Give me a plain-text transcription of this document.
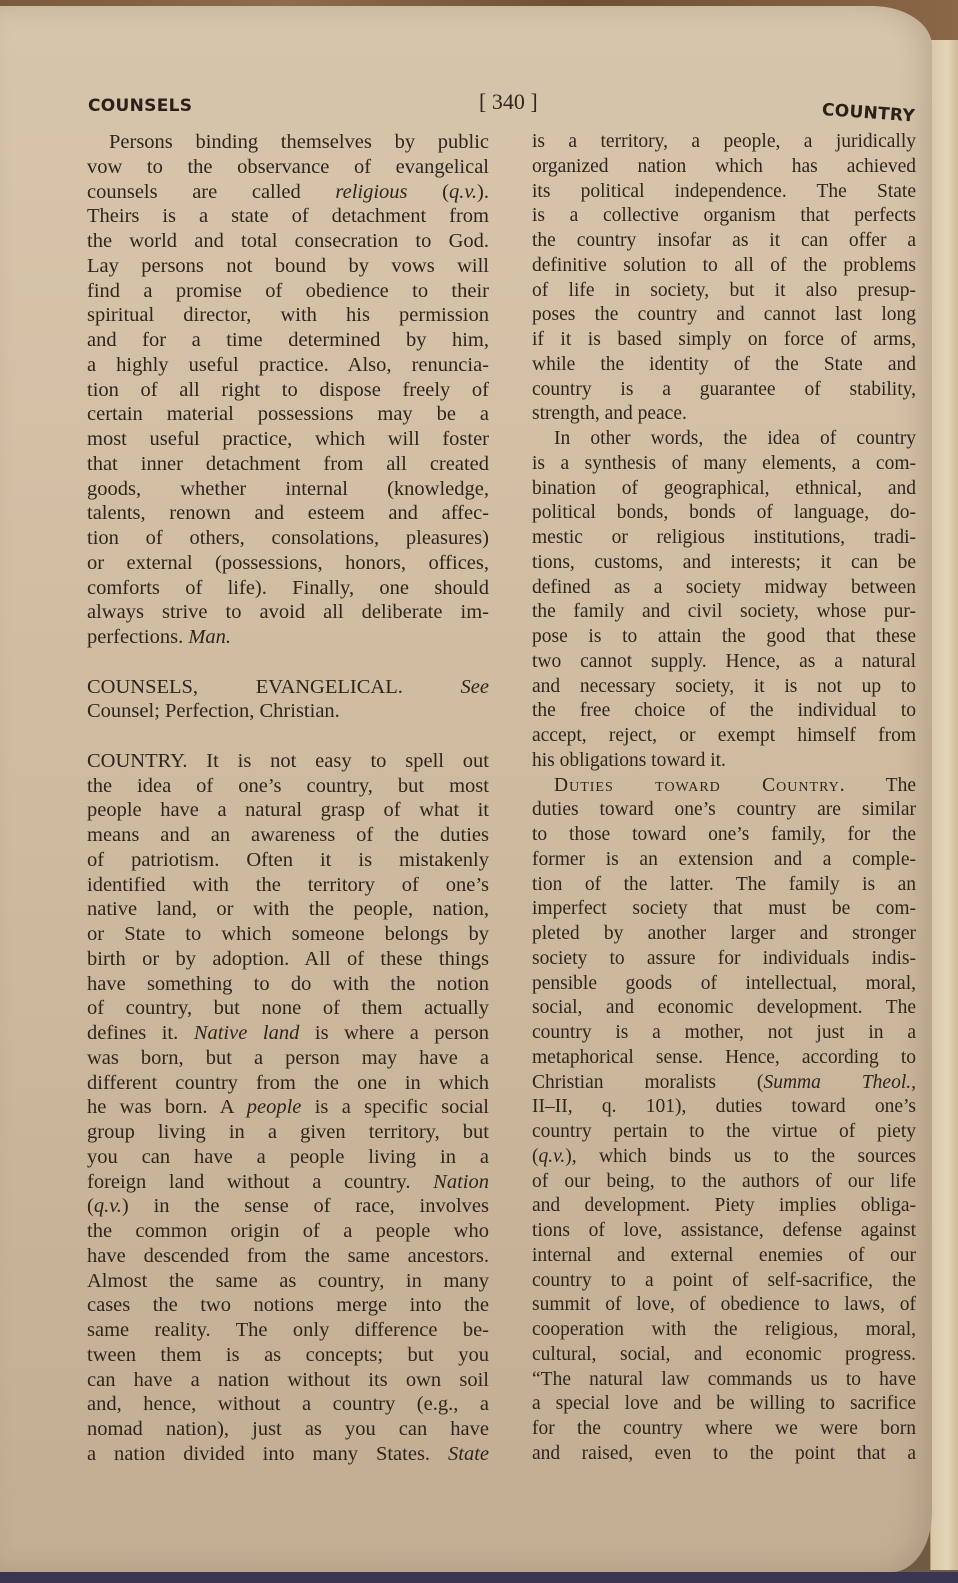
COUNSELS	[ 340 ]	COUNTRY
Persons binding themselves by public
vow to the observance of evangelical
counsels are called religious (q.v.).
Theirs is a state of detachment from
the world and total consecration to God.
Lay persons not bound by vows will
find a promise of obedience to their
spiritual director, with his permission
and for a time determined by him,
a highly useful practice. Also, renuncia-
tion of all right to dispose freely of
certain material possessions may be a
most useful practice, which will foster
that inner detachment from all created
goods, whether internal (knowledge,
talents, renown and esteem and affec-
tion of others, consolations, pleasures)
or external (possessions, honors, offices,
comforts of life). Finally, one should
always strive to avoid all deliberate im-
perfections. Man.
COUNSELS, EVANGELICAL. See
Counsel; Perfection, Christian.
COUNTRY. It is not easy to spell out
the idea of one’s country, but most
people have a natural grasp of what it
means and an awareness of the duties
of patriotism. Often it is mistakenly
identified with the territory of one’s
native land, or with the people, nation,
or State to which someone belongs by
birth or by adoption. All of these things
have something to do with the notion
of country, but none of them actually
defines it. Native land is where a person
was born, but a person may have a
different country from the one in which
he was born. A people is a specific social
group living in a given territory, but
you can have a people living in a
foreign land without a country. Nation
(q.v.) in the sense of race, involves
the common origin of a people who
have descended from the same ancestors.
Almost the same as country, in many
cases the two notions merge into the
same reality. The only difference be-
tween them is as concepts; but you
can have a nation without its own soil
and, hence, without a country (e.g., a
nomad nation), just as you can have
a nation divided into many States. State
is a territory, a people, a juridically
organized nation which has achieved
its political independence. The State
is a collective organism that perfects
the country insofar as it can offer a
definitive solution to all of the problems
of life in society, but it also presup-
poses the country and cannot last long
if it is based simply on force of arms,
while the identity of the State and
country is a guarantee of stability,
strength, and peace.
In other words, the idea of country
is a synthesis of many elements, a com-
bination of geographical, ethnical, and
political bonds, bonds of language, do-
mestic or religious institutions, tradi-
tions, customs, and interests; it can be
defined as a society midway between
the family and civil society, whose pur-
pose is to attain the good that these
two cannot supply. Hence, as a natural
and necessary society, it is not up to
the free choice of the individual to
accept, reject, or exempt himself from
his obligations toward it.
Duties toward Country. The
duties toward one’s country are similar
to those toward one’s family, for the
former is an extension and a comple-
tion of the latter. The family is an
imperfect society that must be com-
pleted by another larger and stronger
society to assure for individuals indis-
pensible goods of intellectual, moral,
social, and economic development. The
country is a mother, not just in a
metaphorical sense. Hence, according to
Christian moralists (Summa Theol.,
II–II, q. 101), duties toward one’s
country pertain to the virtue of piety
(q.v.), which binds us to the sources
of our being, to the authors of our life
and development. Piety implies obliga-
tions of love, assistance, defense against
internal and external enemies of our
country to a point of self-sacrifice, the
summit of love, of obedience to laws, of
cooperation with the religious, moral,
cultural, social, and economic progress.
“The natural law commands us to have
a special love and be willing to sacrifice
for the country where we were born
and raised, even to the point that a
